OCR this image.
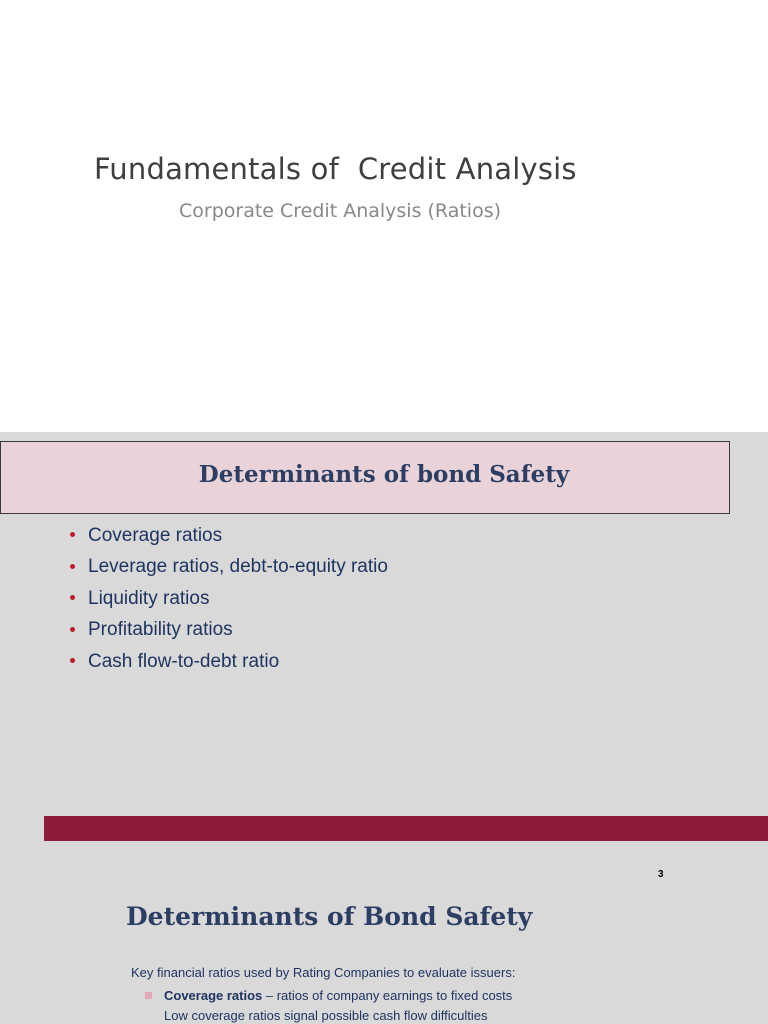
Fundamentals of  Credit Analysis
Corporate Credit Analysis (Ratios)
Determinants of bond Safety
Coverage ratios
Leverage ratios, debt-to-equity ratio
Liquidity ratios
Profitability ratios
Cash flow-to-debt ratio
3
Determinants of Bond Safety
Key financial ratios used by Rating Companies to evaluate issuers:
Coverage ratios – ratios of company earnings to fixed costs
Low coverage ratios signal possible cash flow difficulties
